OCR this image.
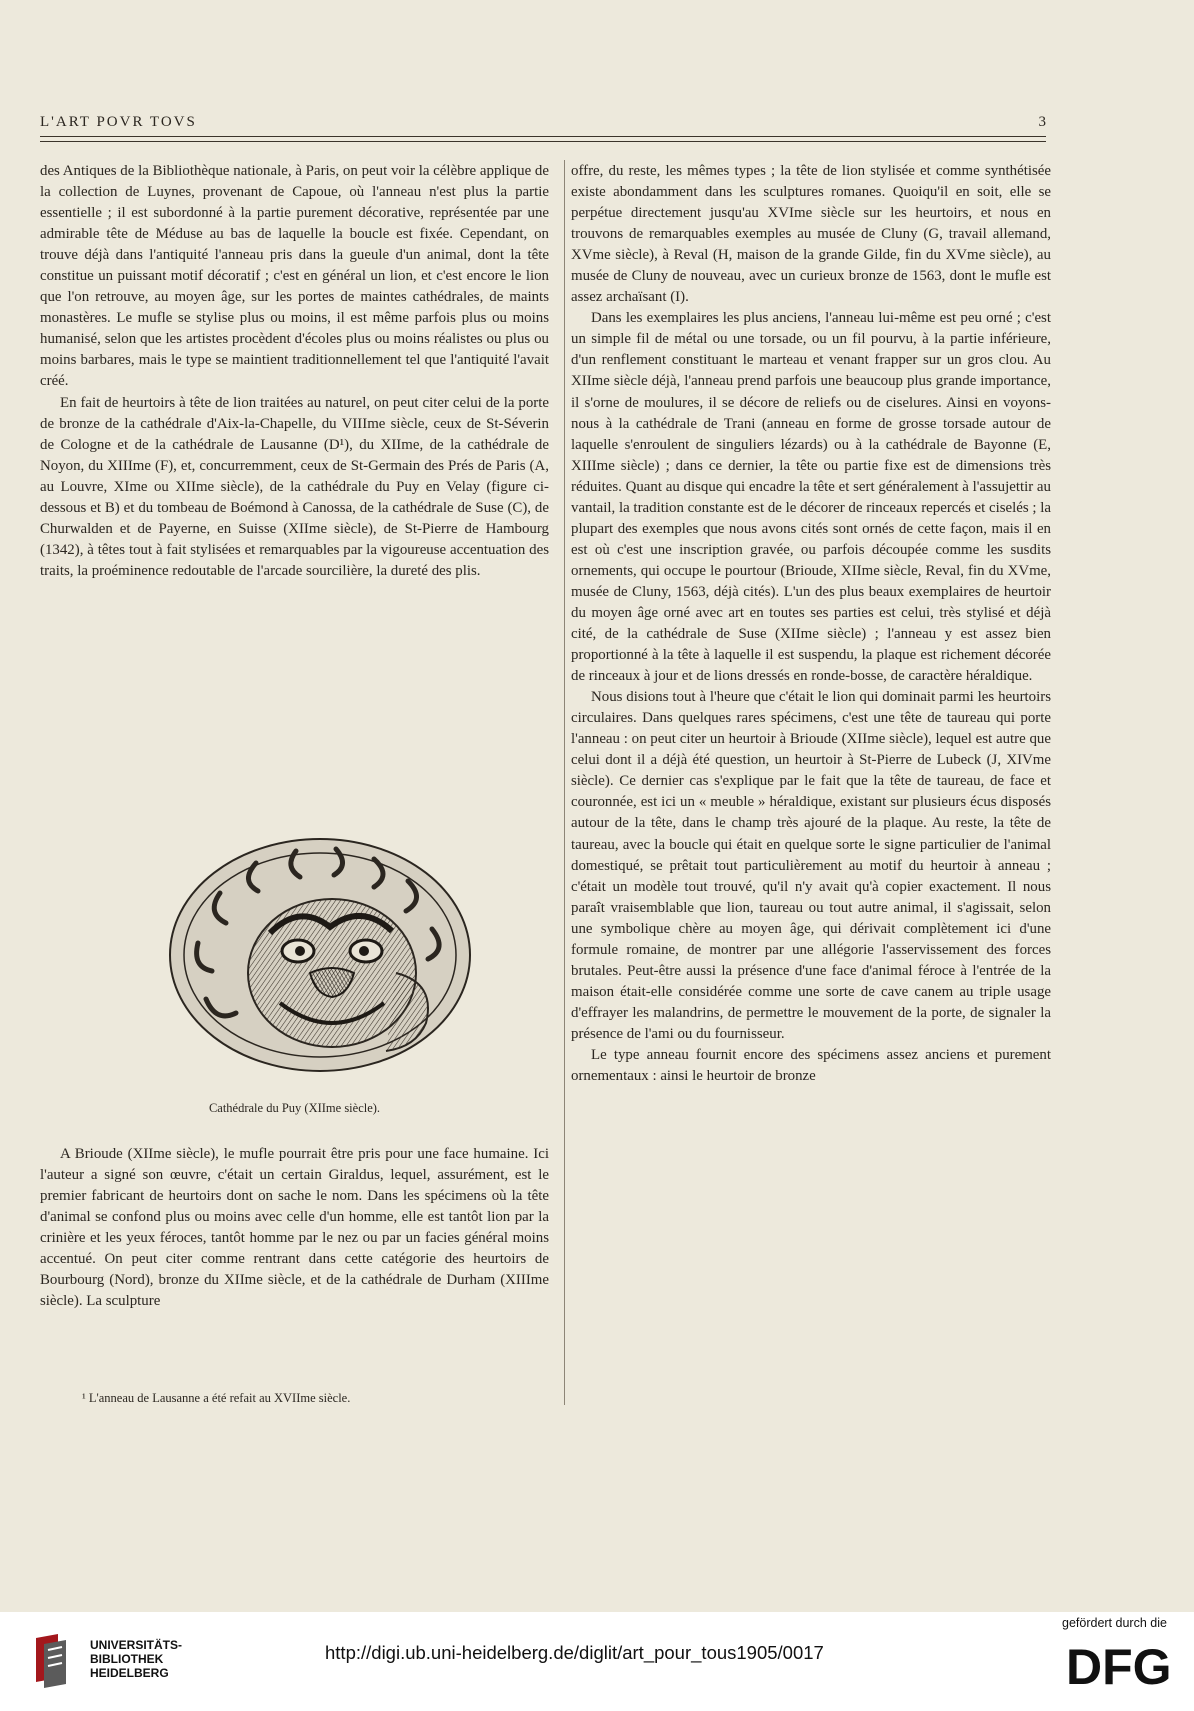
L'ART POVR TOVS	3

des Antiques de la Bibliothèque nationale, à Paris, on peut voir la célèbre applique de la collection de Luynes, provenant de Capoue, où l'anneau n'est plus la partie essentielle ; il est subordonné à la partie purement décorative, représentée par une admirable tête de Méduse au bas de laquelle la boucle est fixée. Cependant, on trouve déjà dans l'antiquité l'anneau pris dans la gueule d'un animal, dont la tête constitue un puissant motif décoratif ; c'est en général un lion, et c'est encore le lion que l'on retrouve, au moyen âge, sur les portes de maintes cathédrales, de maints monastères. Le mufle se stylise plus ou moins, il est même parfois plus ou moins humanisé, selon que les artistes procèdent d'écoles plus ou moins réalistes ou plus ou moins barbares, mais le type se maintient traditionnellement tel que l'antiquité l'avait créé.

En fait de heurtoirs à tête de lion traitées au naturel, on peut citer celui de la porte de bronze de la cathédrale d'Aix-la-Chapelle, du VIIIme siècle, ceux de St-Séverin de Cologne et de la cathédrale de Lausanne (D¹), du XIIme, de la cathédrale de Noyon, du XIIIme (F), et, concurremment, ceux de St-Germain des Prés de Paris (A, au Louvre, XIme ou XIIme siècle), de la cathédrale du Puy en Velay (figure ci-dessous et B) et du tombeau de Boémond à Canossa, de la cathédrale de Suse (C), de Churwalden et de Payerne, en Suisse (XIIme siècle), de St-Pierre de Hambourg (1342), à têtes tout à fait stylisées et remarquables par la vigoureuse accentuation des traits, la proéminence redoutable de l'arcade sourcilière, la dureté des plis.

Cathédrale du Puy (XIIme siècle).

A Brioude (XIIme siècle), le mufle pourrait être pris pour une face humaine. Ici l'auteur a signé son œuvre, c'était un certain Giraldus, lequel, assurément, est le premier fabricant de heurtoirs dont on sache le nom. Dans les spécimens où la tête d'animal se confond plus ou moins avec celle d'un homme, elle est tantôt lion par la crinière et les yeux féroces, tantôt homme par le nez ou par un facies général moins accentué. On peut citer comme rentrant dans cette catégorie des heurtoirs de Bourbourg (Nord), bronze du XIIme siècle, et de la cathédrale de Durham (XIIIme siècle). La sculpture

¹ L'anneau de Lausanne a été refait au XVIIme siècle.

offre, du reste, les mêmes types ; la tête de lion stylisée et comme synthétisée existe abondamment dans les sculptures romanes. Quoiqu'il en soit, elle se perpétue directement jusqu'au XVIme siècle sur les heurtoirs, et nous en trouvons de remarquables exemples au musée de Cluny (G, travail allemand, XVme siècle), à Reval (H, maison de la grande Gilde, fin du XVme siècle), au musée de Cluny de nouveau, avec un curieux bronze de 1563, dont le mufle est assez archaïsant (I).

Dans les exemplaires les plus anciens, l'anneau lui-même est peu orné ; c'est un simple fil de métal ou une torsade, ou un fil pourvu, à la partie inférieure, d'un renflement constituant le marteau et venant frapper sur un gros clou. Au XIIme siècle déjà, l'anneau prend parfois une beaucoup plus grande importance, il s'orne de moulures, il se décore de reliefs ou de ciselures. Ainsi en voyons-nous à la cathédrale de Trani (anneau en forme de grosse torsade autour de laquelle s'enroulent de singuliers lézards) ou à la cathédrale de Bayonne (E, XIIIme siècle) ; dans ce dernier, la tête ou partie fixe est de dimensions très réduites. Quant au disque qui encadre la tête et sert généralement à l'assujettir au vantail, la tradition constante est de le décorer de rinceaux repercés et ciselés ; la plupart des exemples que nous avons cités sont ornés de cette façon, mais il en est où c'est une inscription gravée, ou parfois découpée comme les susdits ornements, qui occupe le pourtour (Brioude, XIIme siècle, Reval, fin du XVme, musée de Cluny, 1563, déjà cités). L'un des plus beaux exemplaires de heurtoir du moyen âge orné avec art en toutes ses parties est celui, très stylisé et déjà cité, de la cathédrale de Suse (XIIme siècle) ; l'anneau y est assez bien proportionné à la tête à laquelle il est suspendu, la plaque est richement décorée de rinceaux à jour et de lions dressés en ronde-bosse, de caractère héraldique.

Nous disions tout à l'heure que c'était le lion qui dominait parmi les heurtoirs circulaires. Dans quelques rares spécimens, c'est une tête de taureau qui porte l'anneau : on peut citer un heurtoir à Brioude (XIIme siècle), lequel est autre que celui dont il a déjà été question, un heurtoir à St-Pierre de Lubeck (J, XIVme siècle). Ce dernier cas s'explique par le fait que la tête de taureau, de face et couronnée, est ici un « meuble » héraldique, existant sur plusieurs écus disposés autour de la tête, dans le champ très ajouré de la plaque. Au reste, la tête de taureau, avec la boucle qui était en quelque sorte le signe particulier de l'animal domestiqué, se prêtait tout particulièrement au motif du heurtoir à anneau ; c'était un modèle tout trouvé, qu'il n'y avait qu'à copier exactement. Il nous paraît vraisemblable que lion, taureau ou tout autre animal, il s'agissait, selon une symbolique chère au moyen âge, qui dérivait complètement ici d'une formule romaine, de montrer par une allégorie l'asservissement des forces brutales. Peut-être aussi la présence d'une face d'animal féroce à l'entrée de la maison était-elle considérée comme une sorte de cave canem au triple usage d'effrayer les malandrins, de permettre le mouvement de la porte, de signaler la présence de l'ami ou du fournisseur.

Le type anneau fournit encore des spécimens assez anciens et purement ornementaux : ainsi le heurtoir de bronze

UNIVERSITÄTS-
BIBLIOTHEK
HEIDELBERG
http://digi.ub.uni-heidelberg.de/diglit/art_pour_tous1905/0017
gefördert durch die
DFG
